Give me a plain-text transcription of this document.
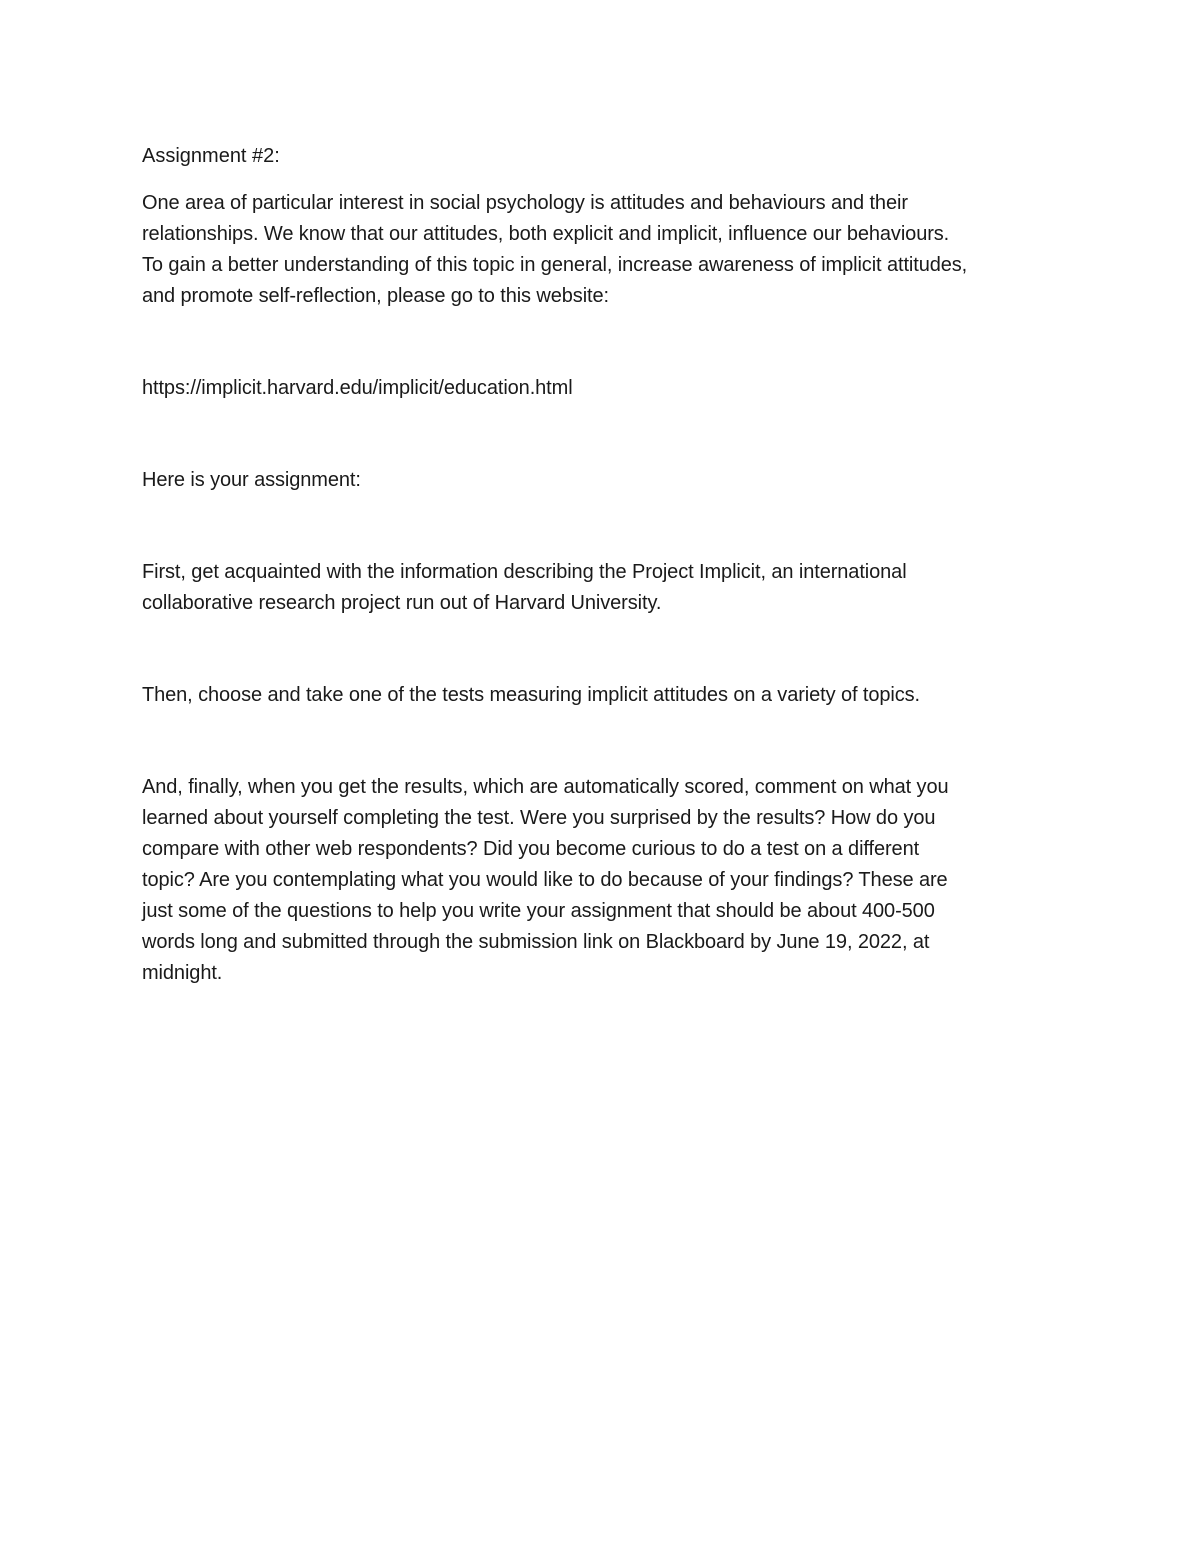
Assignment #2:

One area of particular interest in social psychology is attitudes and behaviours and their
relationships. We know that our attitudes, both explicit and implicit, influence our behaviours.
To gain a better understanding of this topic in general, increase awareness of implicit attitudes,
and promote self-reflection, please go to this website:

https://implicit.harvard.edu/implicit/education.html

Here is your assignment:

First, get acquainted with the information describing the Project Implicit, an international
collaborative research project run out of Harvard University.

Then, choose and take one of the tests measuring implicit attitudes on a variety of topics.

And, finally, when you get the results, which are automatically scored, comment on what you
learned about yourself completing the test. Were you surprised by the results? How do you
compare with other web respondents? Did you become curious to do a test on a different
topic? Are you contemplating what you would like to do because of your findings? These are
just some of the questions to help you write your assignment that should be about 400-500
words long and submitted through the submission link on Blackboard by June 19, 2022, at
midnight.
